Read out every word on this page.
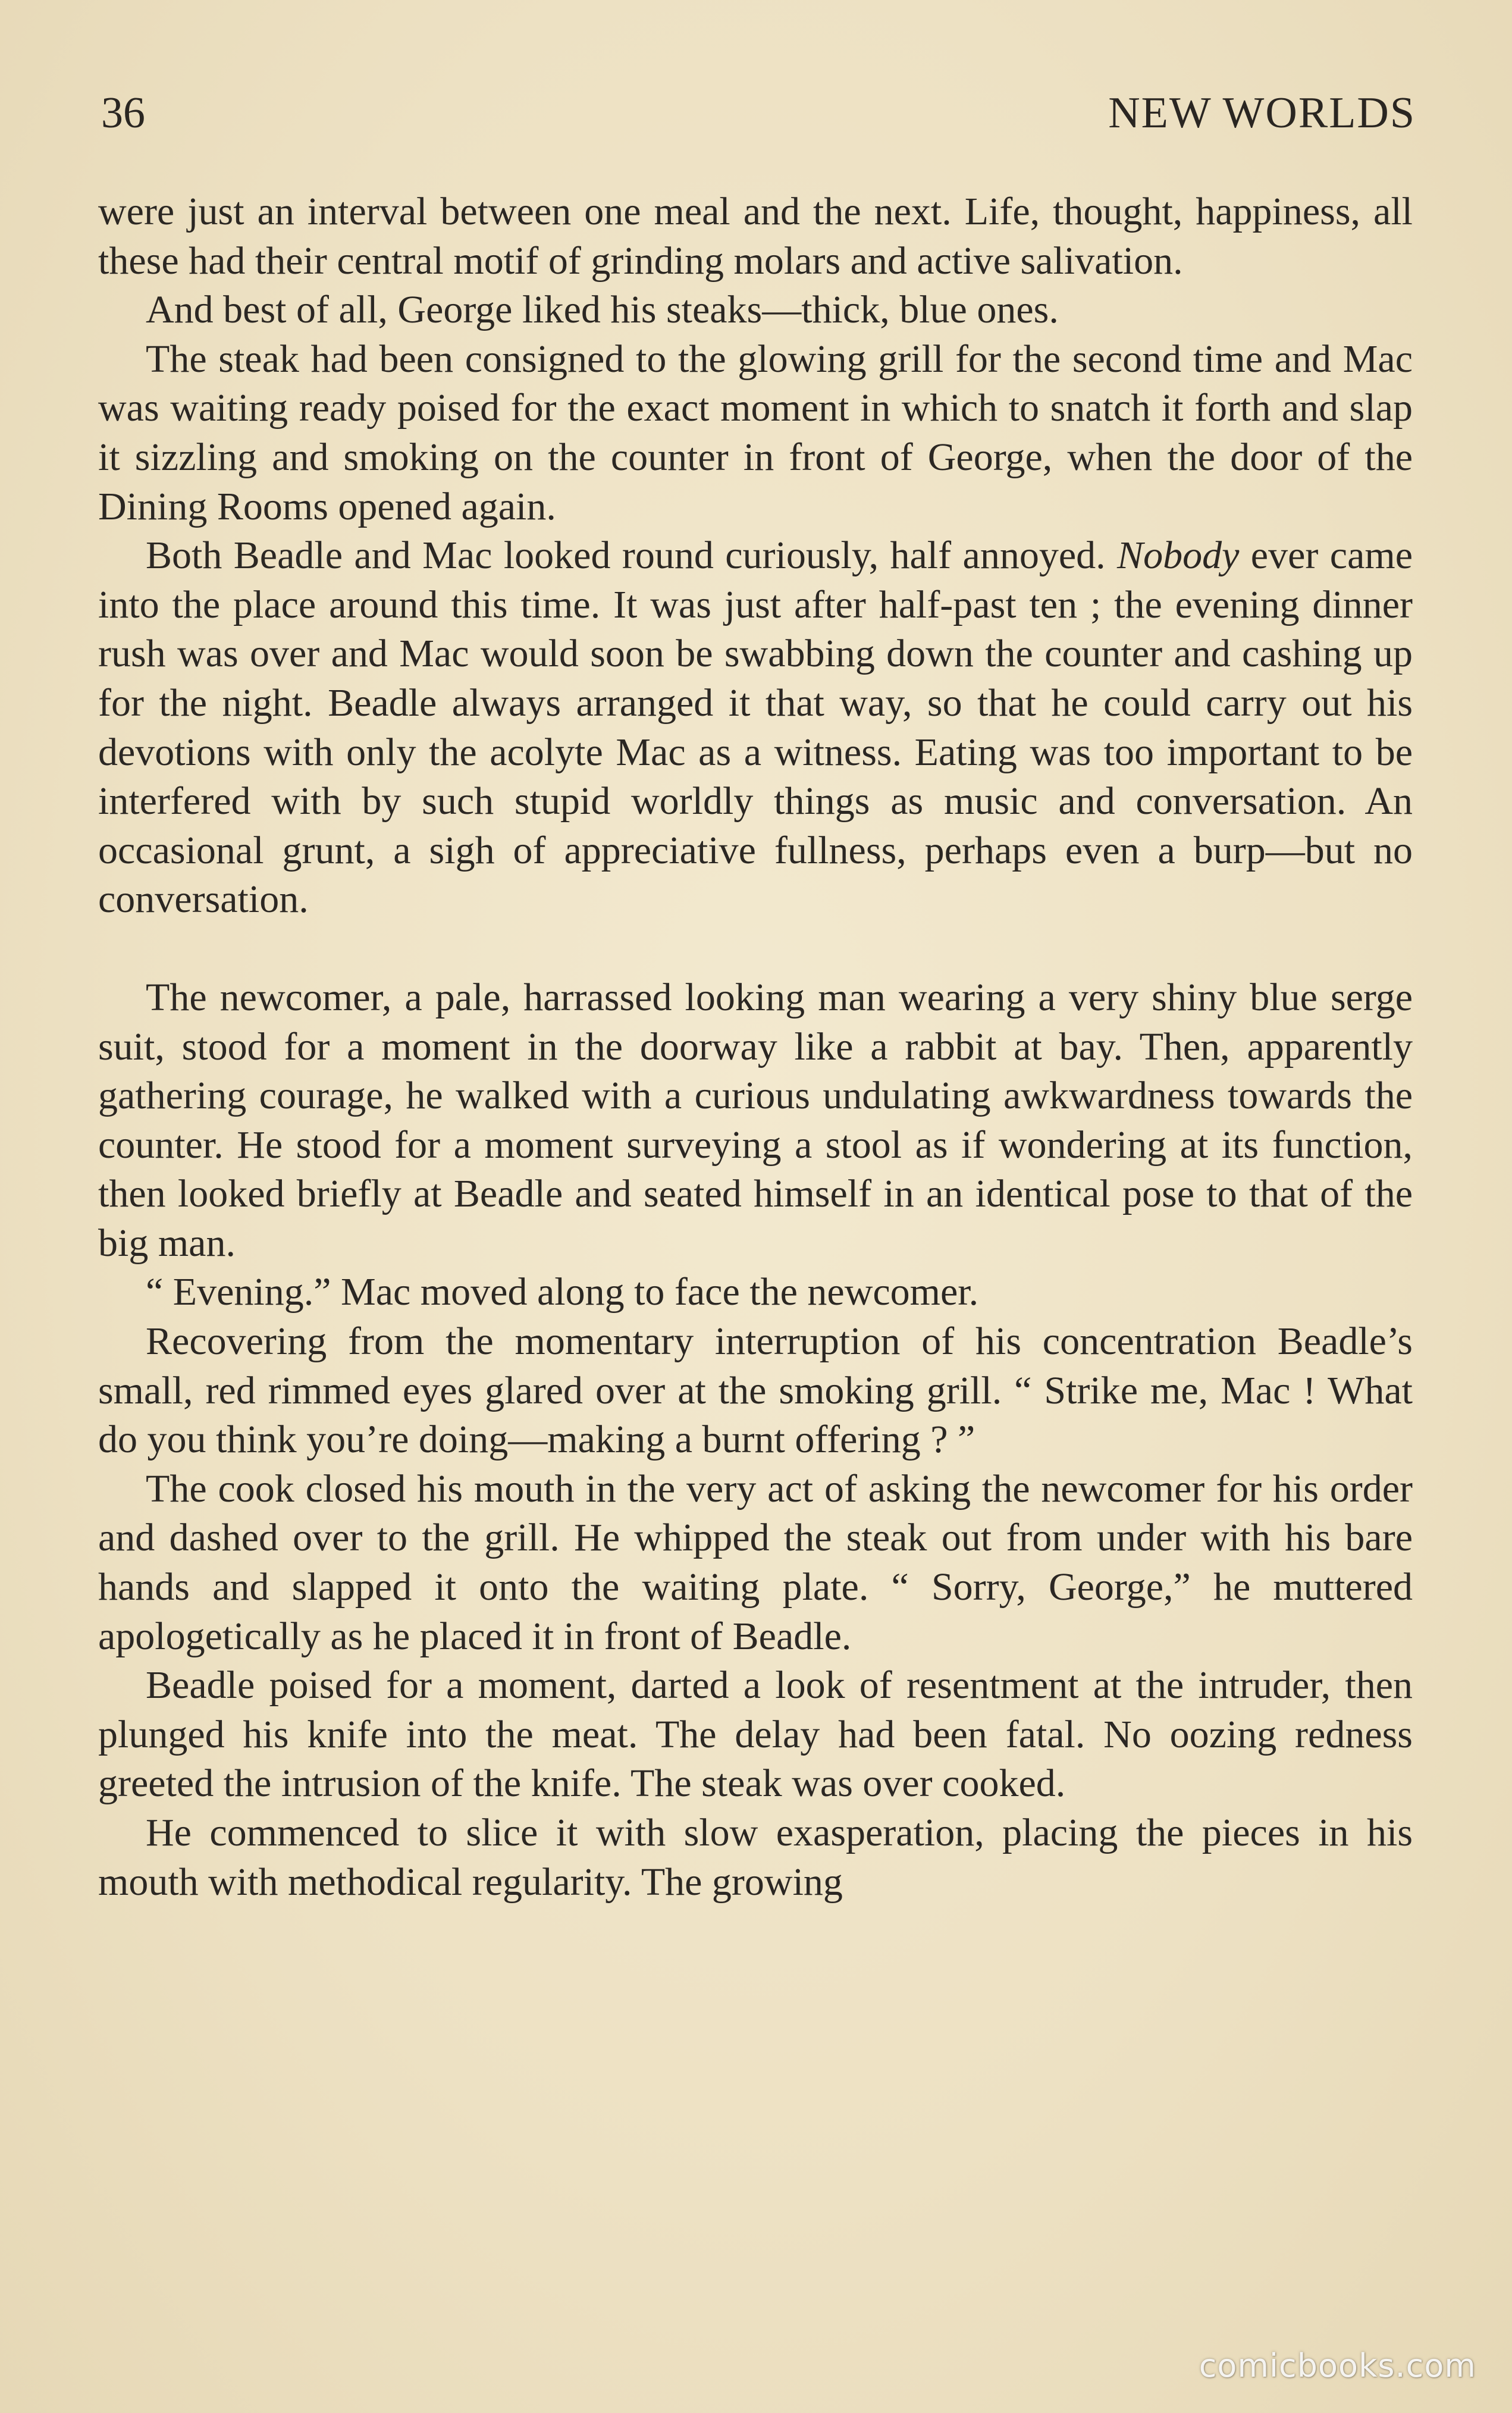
36	NEW WORLDS

were just an interval between one meal and the next. Life, thought, happiness, all these had their central motif of grinding molars and active salivation.

And best of all, George liked his steaks—thick, blue ones.

The steak had been consigned to the glowing grill for the second time and Mac was waiting ready poised for the exact moment in which to snatch it forth and slap it sizzling and smoking on the counter in front of George, when the door of the Dining Rooms opened again.

Both Beadle and Mac looked round curiously, half annoyed. Nobody ever came into the place around this time. It was just after half-past ten ; the evening dinner rush was over and Mac would soon be swabbing down the counter and cashing up for the night. Beadle always arranged it that way, so that he could carry out his devotions with only the acolyte Mac as a witness. Eating was too important to be interfered with by such stupid worldly things as music and conversation. An occasional grunt, a sigh of appreciative fullness, perhaps even a burp—but no conversation.

The newcomer, a pale, harrassed looking man wearing a very shiny blue serge suit, stood for a moment in the doorway like a rabbit at bay. Then, apparently gathering courage, he walked with a curious undulating awkwardness towards the counter. He stood for a moment surveying a stool as if wondering at its function, then looked briefly at Beadle and seated himself in an identical pose to that of the big man.

“ Evening.” Mac moved along to face the newcomer.

Recovering from the momentary interruption of his concentration Beadle’s small, red rimmed eyes glared over at the smoking grill. “ Strike me, Mac ! What do you think you’re doing—making a burnt offering ? ”

The cook closed his mouth in the very act of asking the newcomer for his order and dashed over to the grill. He whipped the steak out from under with his bare hands and slapped it onto the waiting plate. “ Sorry, George,” he muttered apologetically as he placed it in front of Beadle.

Beadle poised for a moment, darted a look of resentment at the intruder, then plunged his knife into the meat. The delay had been fatal. No oozing redness greeted the intrusion of the knife. The steak was over cooked.

He commenced to slice it with slow exasperation, placing the pieces in his mouth with methodical regularity. The growing

comicbooks.com
